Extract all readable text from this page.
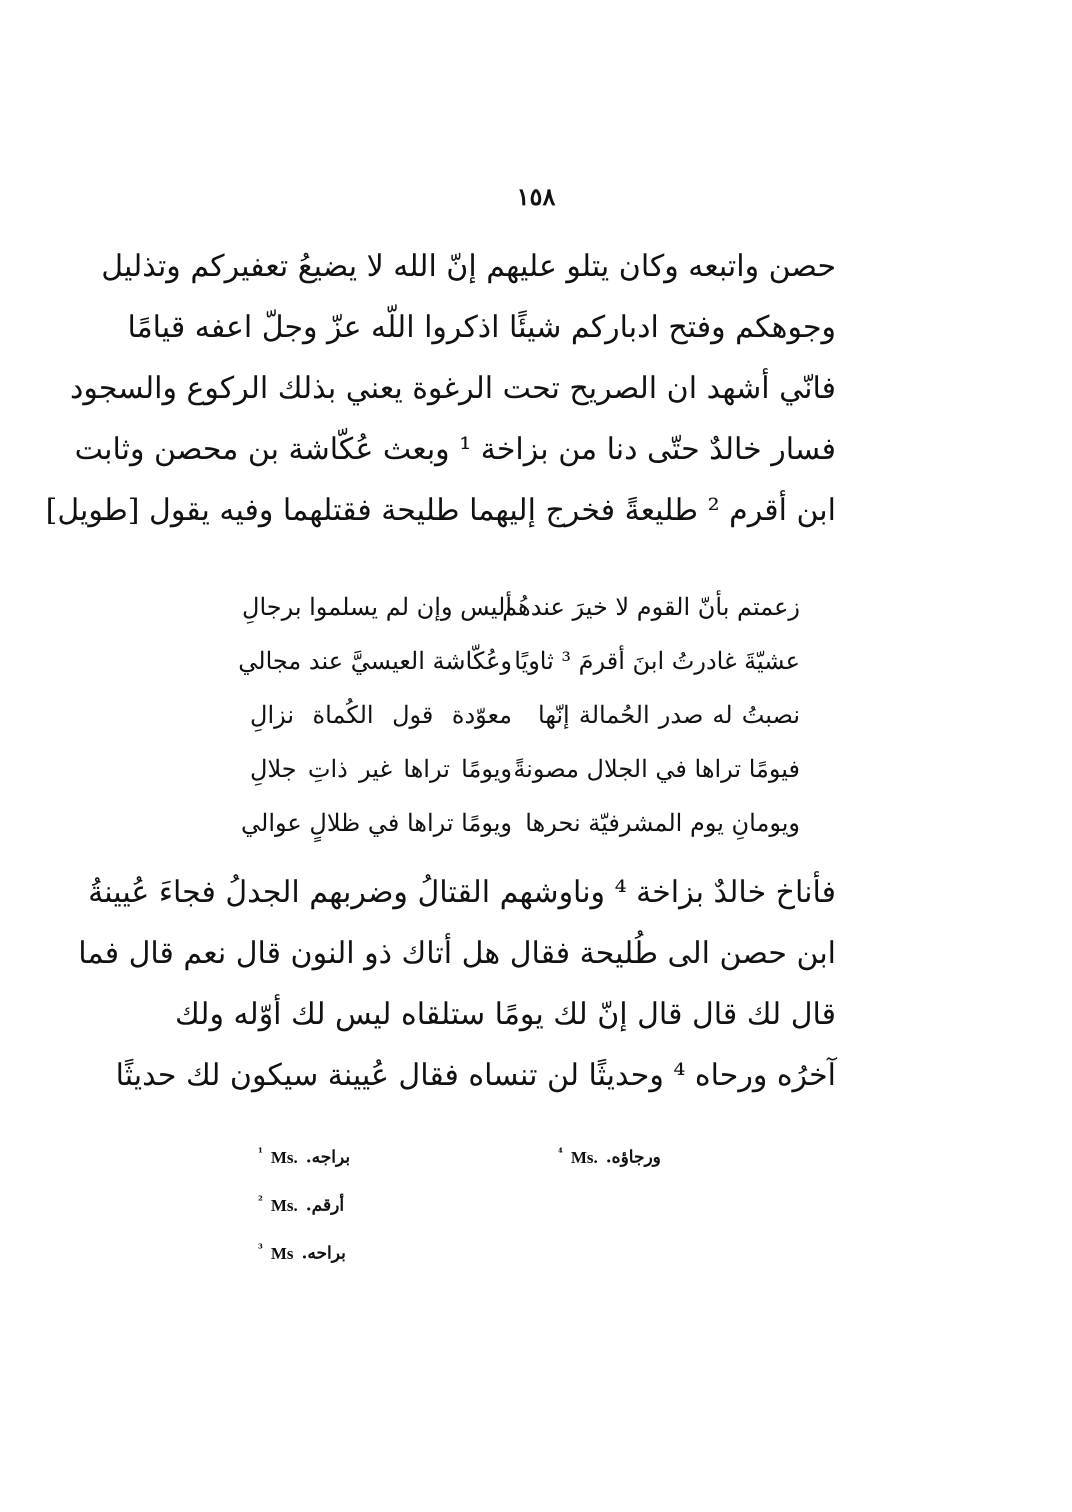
١٥٨
حصن واتبعه وكان يتلو عليهم إنّ الله لا يضيعُ تعفيركم وتذليل
وجوهكم وفتح ادباركم شيئًا اذكروا اللّه عزّ وجلّ اعفه قيامًا
فانّي أشهد ان الصريح تحت الرغوة يعني بذلك الركوع والسجود
فسار خالدٌ حتّى دنا من بزاخة ¹ وبعث عُكّاشة بن محصن وثابت
ابن أقرم ² طليعةً فخرج إليهما طليحة فقتلهما وفيه يقول [طويل]
زعمتم بأنّ القوم لا خيرَ عندهُم
أليس وإن لم يسلموا برجالِ
عشيّةَ غادرتُ ابنَ أقرمَ ³ ثاويًا
وعُكّاشة العيسيَّ عند مجالي
نصبتُ له صدر الحُمالة إنّها
معوّدة قول الكُماة نزالِ
فيومًا تراها في الجلال مصونةً
ويومًا تراها غير ذاتِ جلالِ
ويومانِ يوم المشرفيّة نحرها
ويومًا تراها في ظلالٍ عوالي
فأناخ خالدٌ بزاخة ⁴ وناوشهم القتالُ وضربهم الجدلُ فجاءَ عُيينةُ
ابن حصن الى طُليحة فقال هل أتاك ذو النون قال نعم قال فما
قال لك قال قال إنّ لك يومًا ستلقاه ليس لك أوّله ولك
آخرُه ورحاه ⁴ وحديثًا لن تنساه فقال عُيينة سيكون لك حديثًا
$^{^1}$ Ms. براجه.
$^{^2}$ Ms. أرقم.
$^{^3}$ Ms براحه.
$^{^4}$ Ms. ورجاؤه.
